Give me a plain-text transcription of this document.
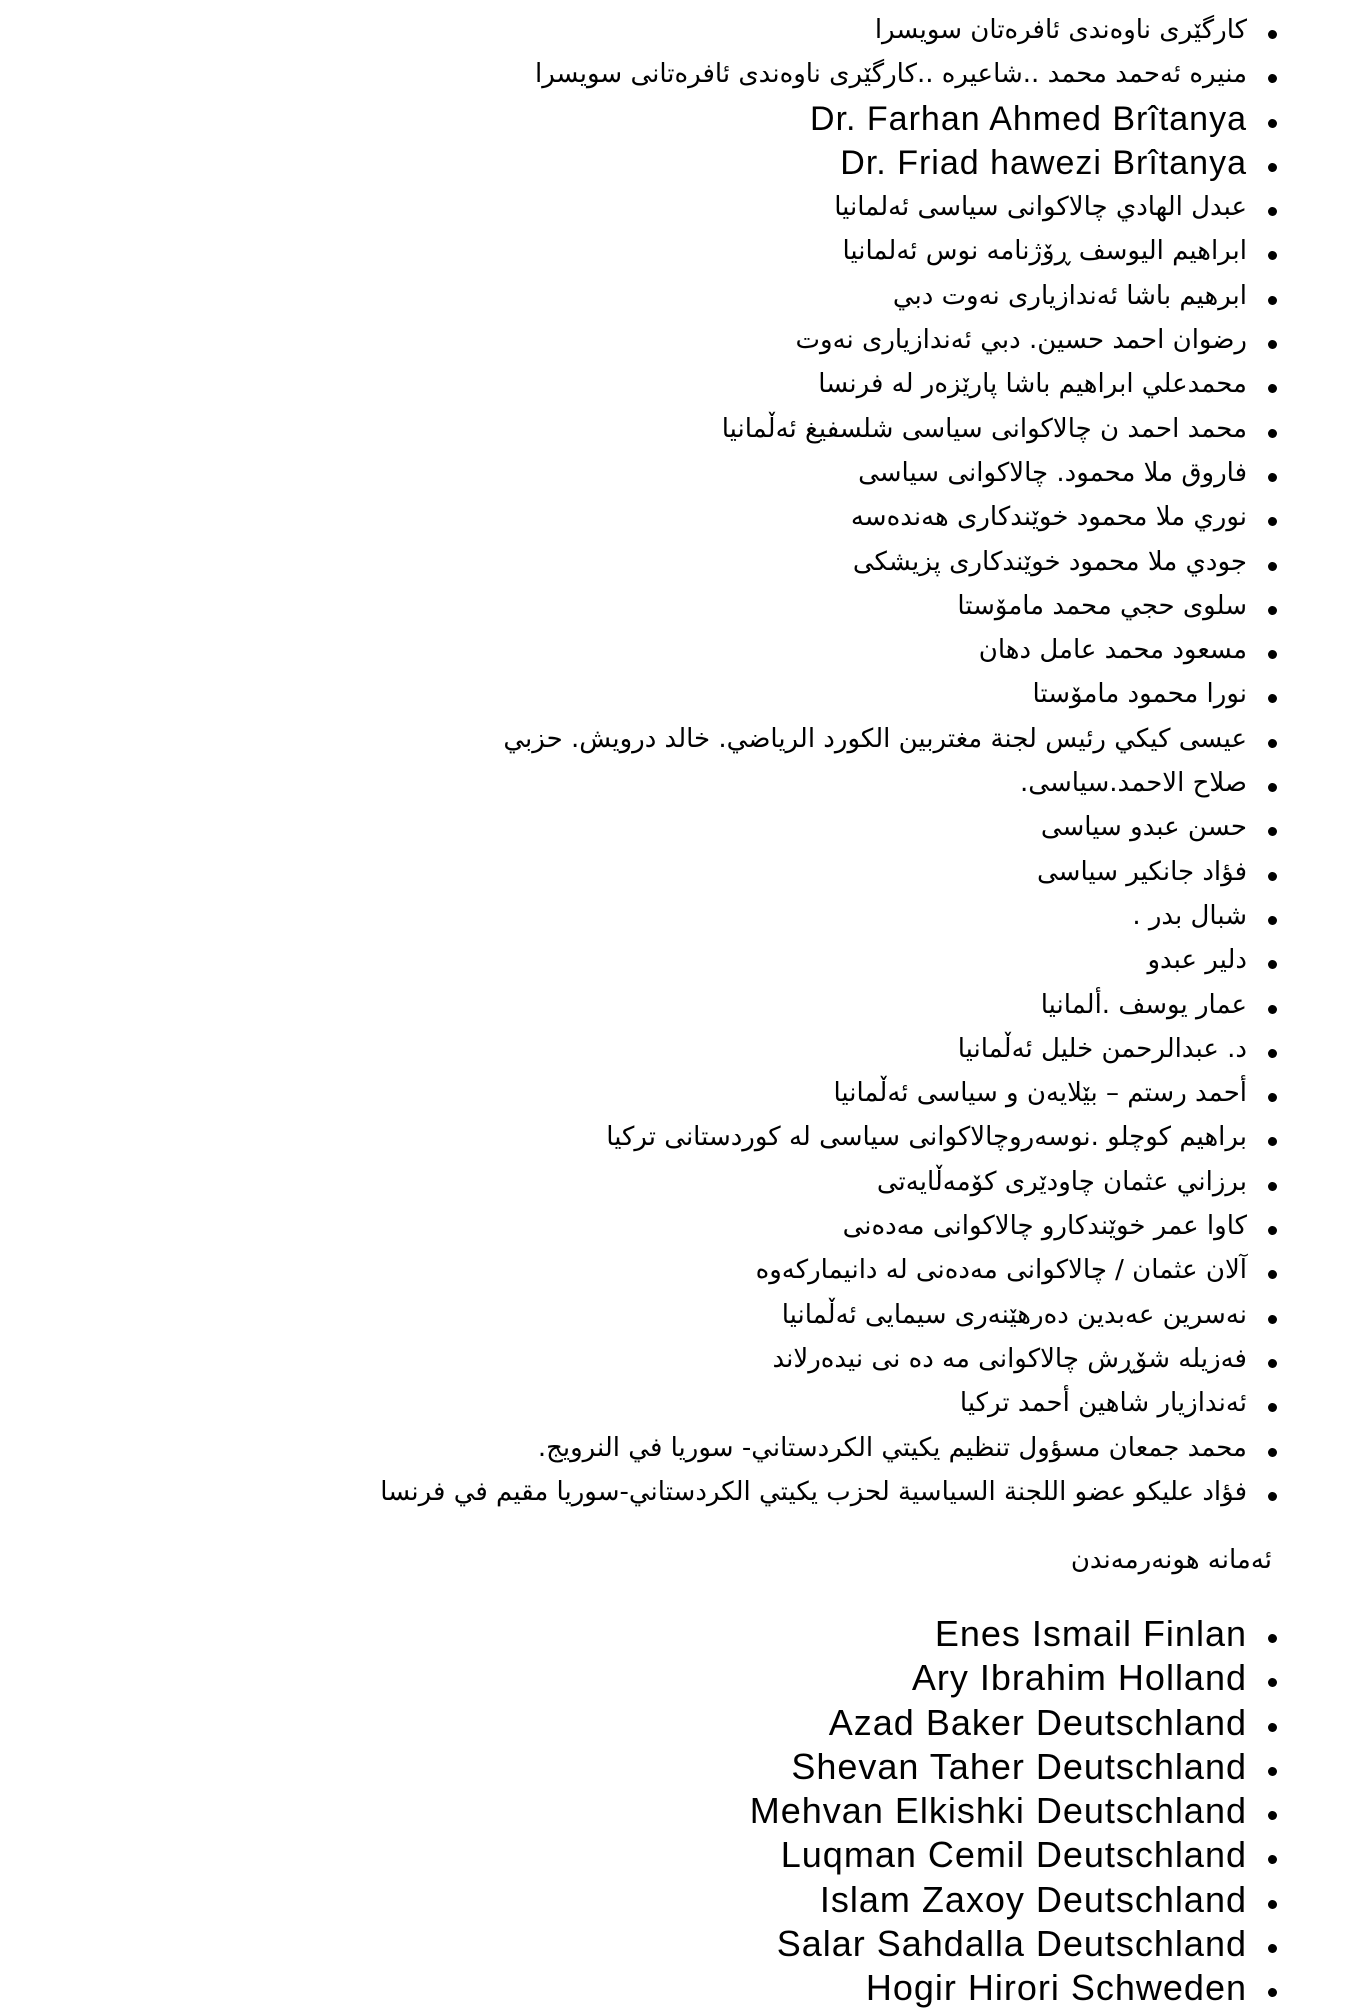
کارگێری ناوەندی ئافرەتان سویسرا
منیره ئەحمد محمد ..شاعیره ..کارگێری ناوەندی ئافرەتانی سویسرا
Dr. Farhan Ahmed Brîtanya
Dr. Friad hawezi Brîtanya
عبدل الهادي چالاکوانی سیاسی ئەلمانیا
ابراهیم الیوسف ڕۆژنامه نوس ئەلمانیا
ابرهیم باشا ئەندازیاری نەوت دبي
رضوان احمد حسین. دبي ئەندازیاری نەوت
محمدعلي ابراهیم باشا پارێزەر له فرنسا
محمد احمد ن چالاکوانی سیاسی شلسفیغ ئەڵمانیا
فاروق ملا محمود. چالاکوانی سیاسی
نوري ملا محمود خوێندکاری هەندەسه
جودي ملا محمود خوێندکاری پزیشکی
سلوى حجي محمد مامۆستا
مسعود محمد عامل دهان
نورا محمود مامۆستا
عیسى کیکي رئیس لجنة مغتربین الکورد الریاضي. خالد درویش. حزبي
صلاح الاحمد.سیاسی.
حسن عبدو سیاسی
فؤاد جانکیر سیاسی
شبال بدر .
دلیر عبدو
عمار یوسف .ألمانیا
د. عبدالرحمن خلیل ئەڵمانیا
أحمد رستم – بێلایەن و سیاسی ئەڵمانیا
براهیم کوچلو .نوسەروچالاکوانی سیاسی له کوردستانی ترکیا
برزاني عثمان چاودێری کۆمەڵایەتی
کاوا عمر خوێندکارو چالاکوانی مەدەنی
آلان عثمان / چالاکوانی مەدەنی له دانیمارکەوه
نەسرین عەبدین دەرهێنەری سیمایی ئەڵمانیا
فەزیله شۆڕش چالاکوانی مه ده نی نیدەرلاند
ئەندازیار شاهین أحمد ترکیا
محمد جمعان مسؤول تنظیم یکیتي الکردستاني- سوریا في النرویج.
فؤاد علیکو عضو اللجنة السیاسیة لحزب یکیتي الکردستاني-سوریا مقیم في فرنسا
ئەمانه هونەرمەندن
Enes Ismail Finlan
Ary Ibrahim Holland
Azad Baker Deutschland
Shevan Taher Deutschland
Mehvan Elkishki Deutschland
Luqman Cemil Deutschland
Islam Zaxoy Deutschland
Salar Sahdalla Deutschland
Hogir Hirori Schweden
